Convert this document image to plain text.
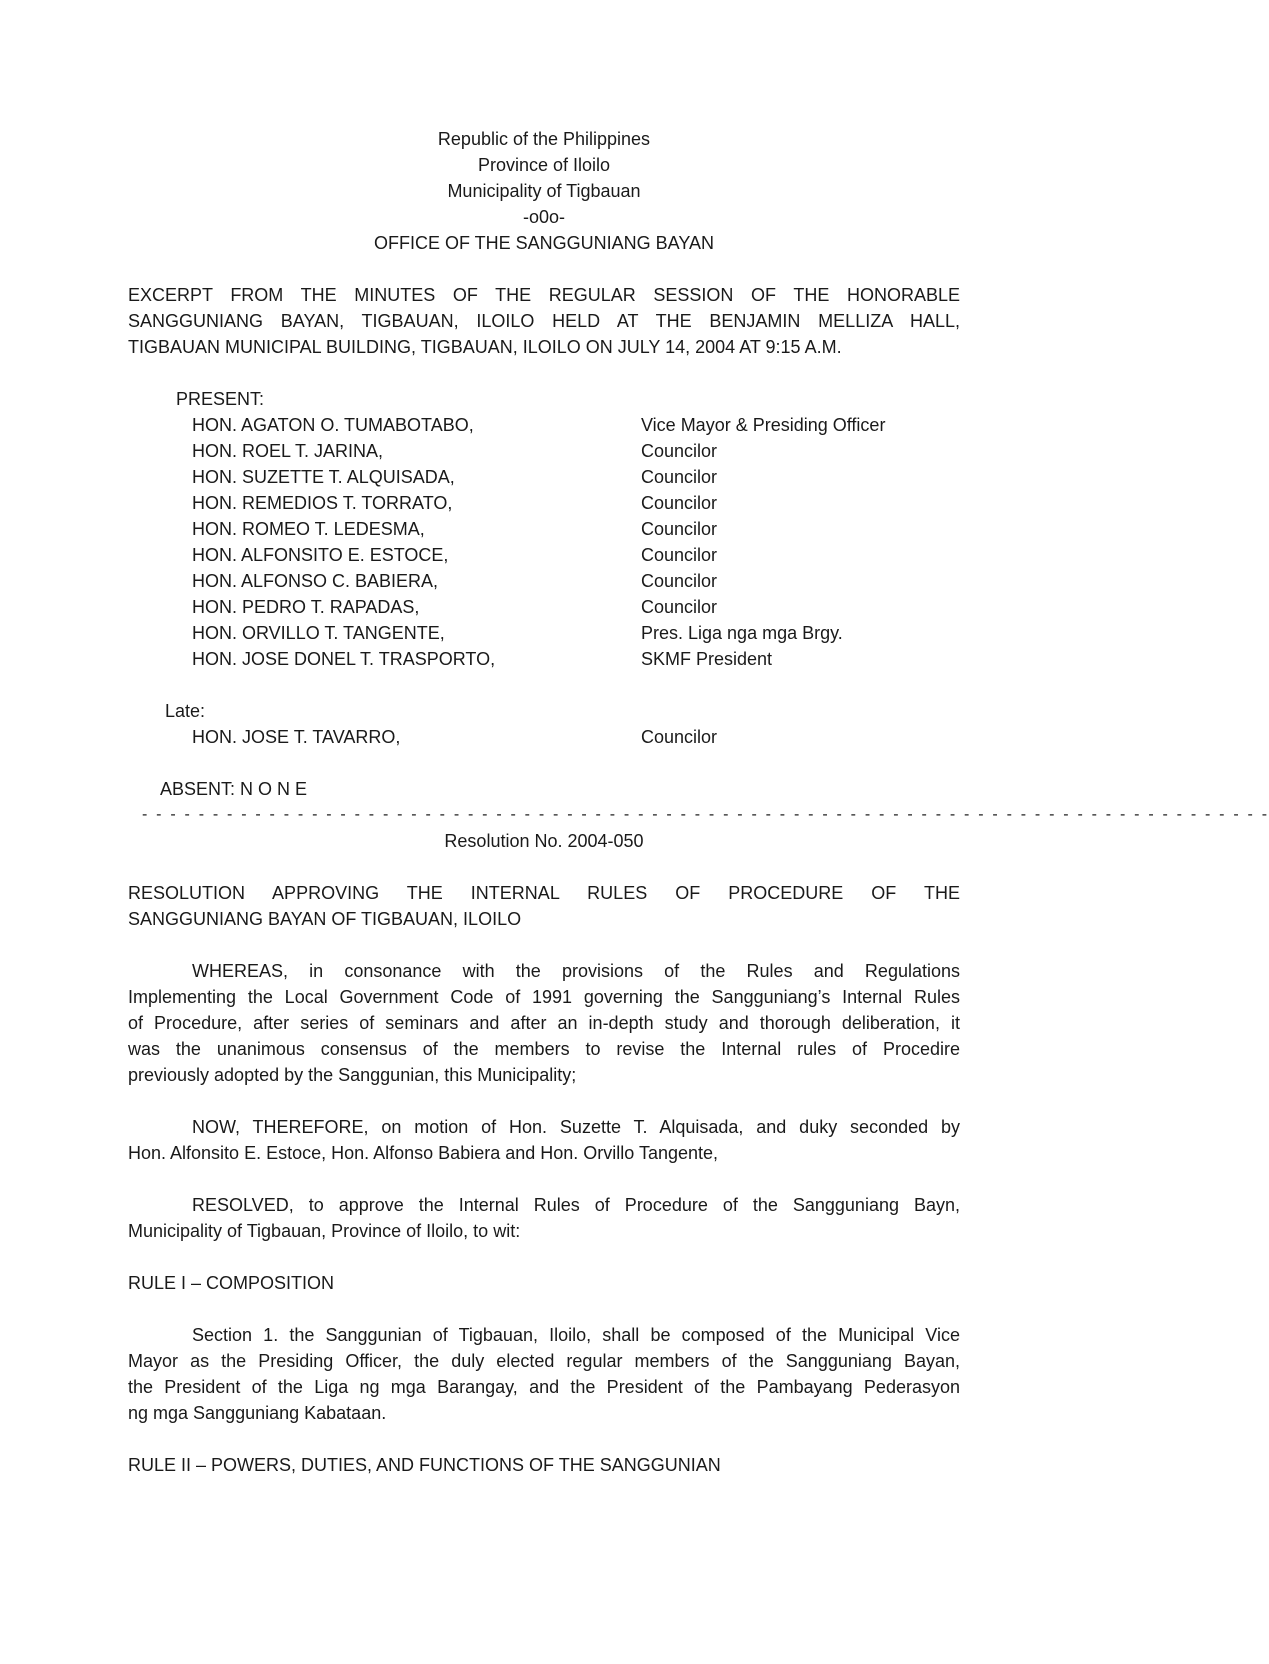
Republic of the Philippines
Province of Iloilo
Municipality of Tigbauan
-o0o-
OFFICE OF THE SANGGUNIANG BAYAN
EXCERPT FROM THE MINUTES OF THE REGULAR SESSION OF THE HONORABLE
SANGGUNIANG BAYAN, TIGBAUAN, ILOILO HELD AT THE BENJAMIN MELLIZA HALL,
TIGBAUAN MUNICIPAL BUILDING, TIGBAUAN, ILOILO ON JULY 14, 2004 AT 9:15 A.M.
PRESENT:
HON. AGATON O. TUMABOTABO,	Vice Mayor & Presiding Officer
HON. ROEL T. JARINA,	Councilor
HON. SUZETTE T. ALQUISADA,	Councilor
HON. REMEDIOS T. TORRATO,	Councilor
HON. ROMEO T. LEDESMA,	Councilor
HON. ALFONSITO E. ESTOCE,	Councilor
HON. ALFONSO C. BABIERA,	Councilor
HON. PEDRO T. RAPADAS,	Councilor
HON. ORVILLO T. TANGENTE,	Pres. Liga nga mga Brgy.
HON. JOSE DONEL T. TRASPORTO,	SKMF President
Late:
HON. JOSE T. TAVARRO,	Councilor
ABSENT: N O N E
- - - - - - - - - - - - - - - - - - - - - - - - - - - - - - - - - - - - - - - - - - - - - - - - - - - - - - - - - - - - - - - - - - - - - - - - - - - - - - - -
Resolution No. 2004-050
RESOLUTION APPROVING THE INTERNAL RULES OF PROCEDURE OF THE
SANGGUNIANG BAYAN OF TIGBAUAN, ILOILO
WHEREAS, in consonance with the provisions of the Rules and Regulations
Implementing the Local Government Code of 1991 governing the Sangguniang’s Internal Rules
of Procedure, after series of seminars and after an in-depth study and thorough deliberation, it
was the unanimous consensus of the members to revise the Internal rules of Procedire
previously adopted by the Sanggunian, this Municipality;
NOW, THEREFORE, on motion of Hon. Suzette T. Alquisada, and duky seconded by
Hon. Alfonsito E. Estoce, Hon. Alfonso Babiera and Hon. Orvillo Tangente,
RESOLVED, to approve the Internal Rules of Procedure of the Sangguniang Bayn,
Municipality of Tigbauan, Province of Iloilo, to wit:
RULE I – COMPOSITION
Section 1. the Sanggunian of Tigbauan, Iloilo, shall be composed of the Municipal Vice
Mayor as the Presiding Officer, the duly elected regular members of the Sangguniang Bayan,
the President of the Liga ng mga Barangay, and the President of the Pambayang Pederasyon
ng mga Sangguniang Kabataan.
RULE II – POWERS, DUTIES, AND FUNCTIONS OF THE SANGGUNIAN
